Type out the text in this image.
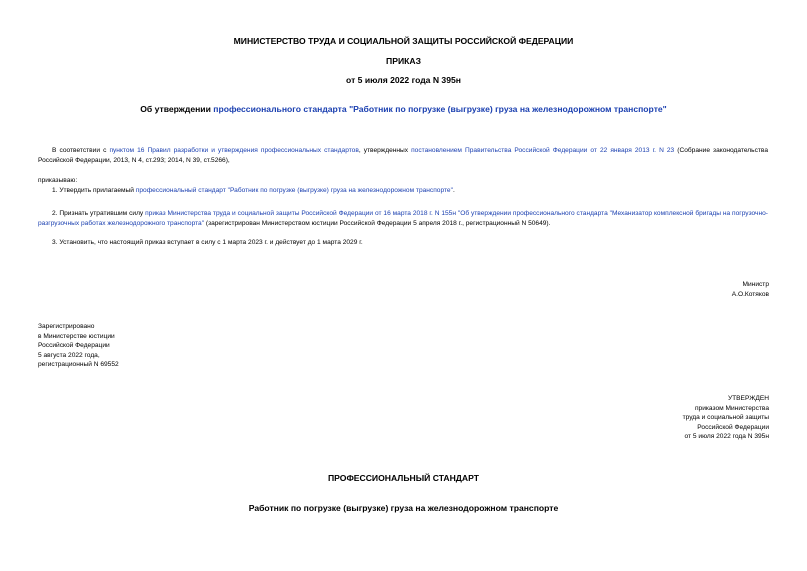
МИНИСТЕРСТВО ТРУДА И СОЦИАЛЬНОЙ ЗАЩИТЫ РОССИЙСКОЙ ФЕДЕРАЦИИ

ПРИКАЗ

от 5 июля 2022 года N 395н

Об утверждении профессионального стандарта "Работник по погрузке (выгрузке) груза на железнодорожном транспорте"

В соответствии с пунктом 16 Правил разработки и утверждения профессиональных стандартов, утвержденных постановлением Правительства Российской Федерации от 22 января 2013 г. N 23 (Собрание законодательства Российской Федерации, 2013, N 4, ст.293; 2014, N 39, ст.5266),

приказываю:

1. Утвердить прилагаемый профессиональный стандарт "Работник по погрузке (выгрузке) груза на железнодорожном транспорте".

2. Признать утратившим силу приказ Министерства труда и социальной защиты Российской Федерации от 16 марта 2018 г. N 155н "Об утверждении профессионального стандарта "Механизатор комплексной бригады на погрузочно-разгрузочных работах железнодорожного транспорта" (зарегистрирован Министерством юстиции Российской Федерации 5 апреля 2018 г., регистрационный N 50649).

3. Установить, что настоящий приказ вступает в силу с 1 марта 2023 г. и действует до 1 марта 2029 г.

Министр

А.О.Котяков

Зарегистрировано
в Министерстве юстиции
Российской Федерации
5 августа 2022 года,
регистрационный N 69552
УТВЕРЖДЕН
приказом Министерства
труда и социальной защиты
Российской Федерации
от 5 июля 2022 года N 395н

ПРОФЕССИОНАЛЬНЫЙ СТАНДАРТ

Работник по погрузке (выгрузке) груза на железнодорожном транспорте
